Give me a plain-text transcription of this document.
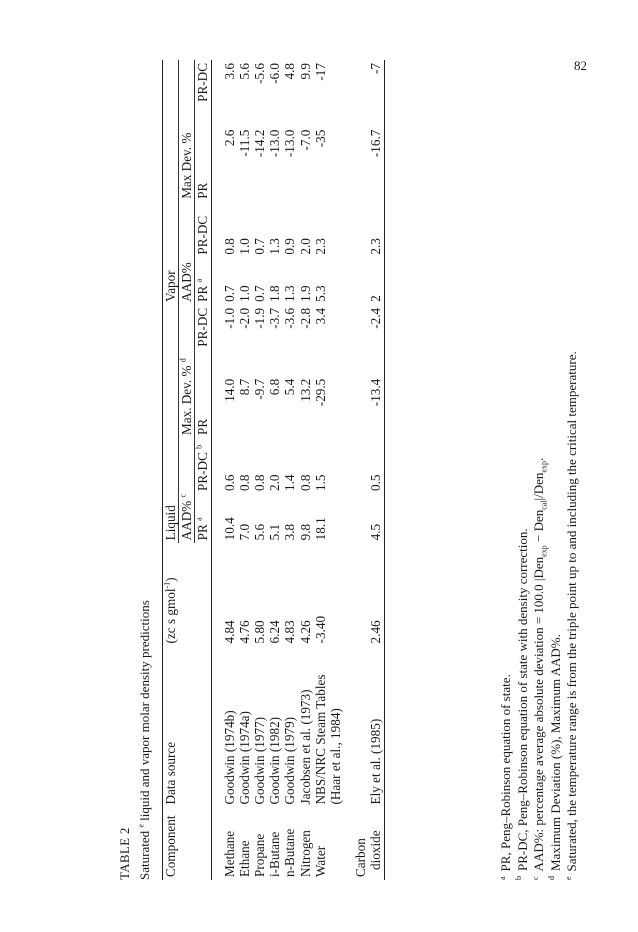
82
TABLE 2 Saturated $^e$ liquid and vapor molar density predictions
Component	Data source	(zc s gmol$^{-1}$)	Liquid				Vapor			
			AAD% $^c$		Max. Dev. % $^d$		AAD%		Max Dev. %	
			PR $^a$	PR-DC $^b$	PR	PR-DC	PR $^a$	PR-DC	PR	PR-DC

Methane	Goodwin (1974b)	4.84	10.4	0.6	14.0	-1.0	0.7	0.8	2.6	3.6
Ethane	Goodwin (1974a)	4.76	7.0	0.8	8.7	-2.0	1.0	1.0	-11.5	5.6
Propane	Goodwin (1977)	5.80	5.6	0.8	-9.7	-1.9	0.7	0.7	-14.2	-5.6
i-Butane	Goodwin (1982)	6.24	5.1	2.0	6.8	-3.7	1.8	1.3	-13.0	-6.0
n-Butane	Goodwin (1979)	4.83	3.8	1.4	5.4	-3.6	1.3	0.9	-13.0	4.8
Nitrogen	Jacobsen et al. (1973)	4.26	9.8	0.8	13.2	-2.8	1.9	2.0	-7.0	9.9
Water	NBS/NRC Steam Tables	-3.40	18.1	1.5	-29.5	3.4	5.3	2.3	-35	-17
	(Haar et al., 1984)									

Carbon										
dioxide	Ely et al. (1985)	2.46	4.5	0.5	-13.4	-2.4	2	2.3	-16.7	-7
$^a$PR, Peng–Robinson equation of state.
$^b$PR-DC, Peng–Robinson equation of state with density correction.
$^c$AAD%: percentage average absolute deviation = 100.0 |Den$_{exp}$ − Den$_{cal}$|/Den$_{exp}$.
$^d$Maximum Deviation (%), Maximum AAD%.
$^e$Saturated, the temperature range is from the triple point up to and including the critical temperature.
